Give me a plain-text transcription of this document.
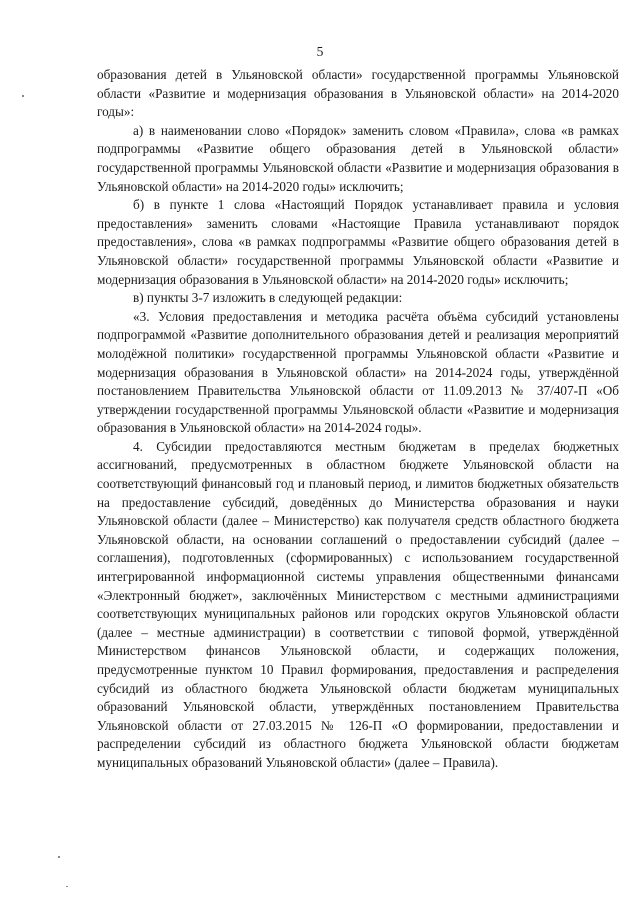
5

образования детей в Ульяновской области» государственной программы Ульяновской области «Развитие и модернизация образования в Ульяновской области» на 2014-2020 годы»:

а) в наименовании слово «Порядок» заменить словом «Правила», слова «в рамках подпрограммы «Развитие общего образования детей в Ульяновской области» государственной программы Ульяновской области «Развитие и модернизация образования в Ульяновской области» на 2014-2020 годы» исключить;

б) в пункте 1 слова «Настоящий Порядок устанавливает правила и условия предоставления» заменить словами «Настоящие Правила устанавливают порядок предоставления», слова «в рамках подпрограммы «Развитие общего образования детей в Ульяновской области» государственной программы Ульяновской области «Развитие и модернизация образования в Ульяновской области» на 2014-2020 годы» исключить;

в) пункты 3-7 изложить в следующей редакции:

«3. Условия предоставления и методика расчёта объёма субсидий установлены подпрограммой «Развитие дополнительного образования детей и реализация мероприятий молодёжной политики» государственной программы Ульяновской области «Развитие и модернизация образования в Ульяновской области» на 2014-2024 годы, утверждённой постановлением Правительства Ульяновской области от 11.09.2013 № 37/407-П «Об утверждении государственной программы Ульяновской области «Развитие и модернизация образования в Ульяновской области» на 2014-2024 годы».

4. Субсидии предоставляются местным бюджетам в пределах бюджетных ассигнований, предусмотренных в областном бюджете Ульяновской области на соответствующий финансовый год и плановый период, и лимитов бюджетных обязательств на предоставление субсидий, доведённых до Министерства образования и науки Ульяновской области (далее – Министерство) как получателя средств областного бюджета Ульяновской области, на основании соглашений о предоставлении субсидий (далее – соглашения), подготовленных (сформированных) с использованием государственной интегрированной информационной системы управления общественными финансами «Электронный бюджет», заключённых Министерством с местными администрациями соответствующих муниципальных районов или городских округов Ульяновской области (далее – местные администрации) в соответствии с типовой формой, утверждённой Министерством финансов Ульяновской области, и содержащих положения, предусмотренные пунктом 10 Правил формирования, предоставления и распределения субсидий из областного бюджета Ульяновской области бюджетам муниципальных образований Ульяновской области, утверждённых постановлением Правительства Ульяновской области от 27.03.2015 № 126-П «О формировании, предоставлении и распределении субсидий из областного бюджета Ульяновской области бюджетам муниципальных образований Ульяновской области» (далее – Правила).
